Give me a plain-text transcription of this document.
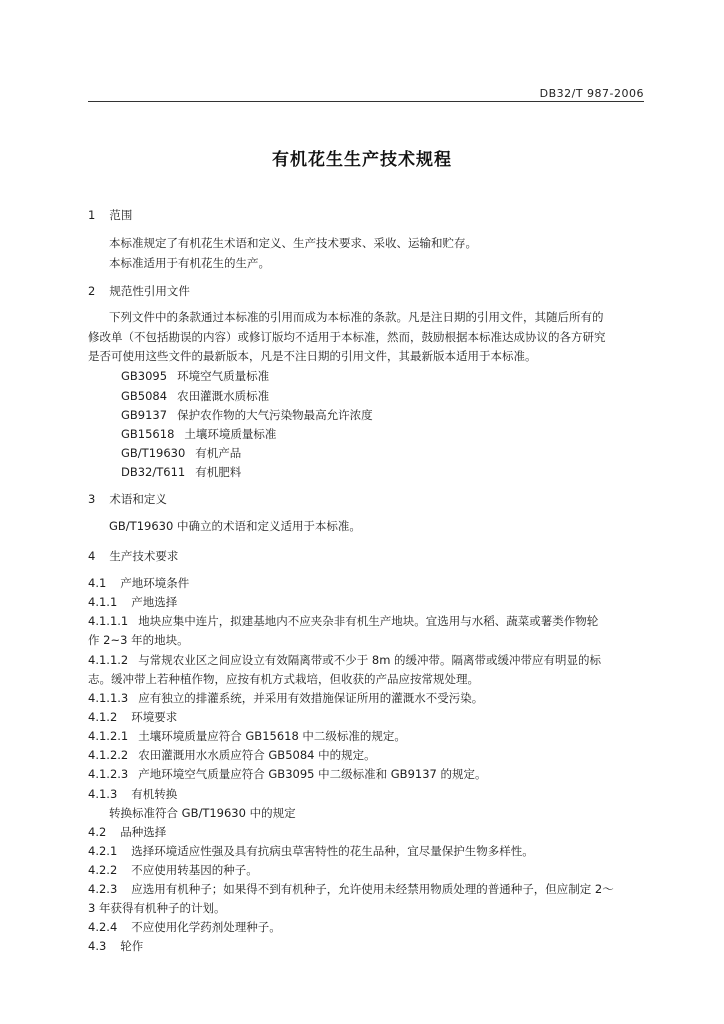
DB32/T 987-2006
有机花生生产技术规程
1 范围
本标准规定了有机花生术语和定义、生产技术要求、采收、运输和贮存。
本标准适用于有机花生的生产。
2 规范性引用文件
下列文件中的条款通过本标准的引用而成为本标准的条款。凡是注日期的引用文件，其随后所有的
修改单（不包括勘误的内容）或修订版均不适用于本标准，然而，鼓励根据本标准达成协议的各方研究
是否可使用这些文件的最新版本，凡是不注日期的引用文件，其最新版本适用于本标准。
GB3095 环境空气质量标准
GB5084 农田灌溉水质标准
GB9137 保护农作物的大气污染物最高允许浓度
GB15618 土壤环境质量标准
GB/T19630 有机产品
DB32/T611 有机肥料
3 术语和定义
GB/T19630 中确立的术语和定义适用于本标准。
4 生产技术要求
4.1 产地环境条件
4.1.1 产地选择
4.1.1.1 地块应集中连片，拟建基地内不应夹杂非有机生产地块。宜选用与水稻、蔬菜或薯类作物轮
作 2~3 年的地块。
4.1.1.2 与常规农业区之间应设立有效隔离带或不少于 8m 的缓冲带。隔离带或缓冲带应有明显的标
志。缓冲带上若种植作物，应按有机方式栽培，但收获的产品应按常规处理。
4.1.1.3 应有独立的排灌系统，并采用有效措施保证所用的灌溉水不受污染。
4.1.2 环境要求
4.1.2.1 土壤环境质量应符合 GB15618 中二级标准的规定。
4.1.2.2 农田灌溉用水水质应符合 GB5084 中的规定。
4.1.2.3 产地环境空气质量应符合 GB3095 中二级标准和 GB9137 的规定。
4.1.3 有机转换
转换标准符合 GB/T19630 中的规定
4.2 品种选择
4.2.1 选择环境适应性强及具有抗病虫草害特性的花生品种，宜尽量保护生物多样性。
4.2.2 不应使用转基因的种子。
4.2.3 应选用有机种子；如果得不到有机种子，允许使用未经禁用物质处理的普通种子，但应制定 2～
3 年获得有机种子的计划。
4.2.4 不应使用化学药剂处理种子。
4.3 轮作
